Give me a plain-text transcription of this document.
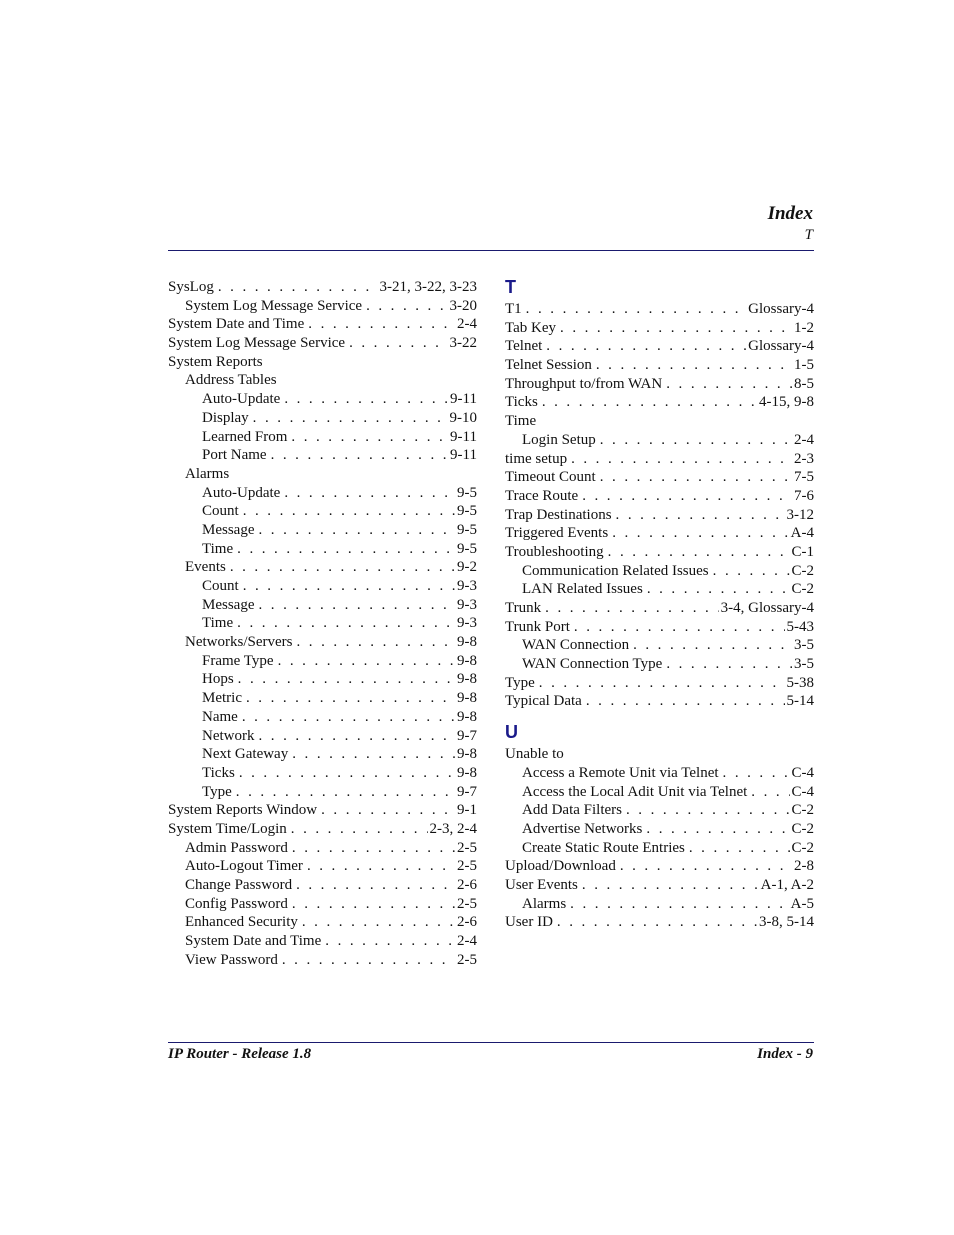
Index
T
SysLog . . .	3-21, 3-22, 3-23
System Log Message Service . . .	3-20
System Date and Time . . .	2-4
System Log Message Service . . .	3-22
System Reports
Address Tables
Auto-Update . . .	9-11
Display . . .	9-10
Learned From . . .	9-11
Port Name . . .	9-11
Alarms
Auto-Update . . .	9-5
Count . . .	9-5
Message . . .	9-5
Time . . .	9-5
Events . . .	9-2
Count . . .	9-3
Message . . .	9-3
Time . . .	9-3
Networks/Servers . . .	9-8
Frame Type . . .	9-8
Hops . . .	9-8
Metric . . .	9-8
Name . . .	9-8
Network . . .	9-7
Next Gateway . . .	9-8
Ticks . . .	9-8
Type . . .	9-7
System Reports Window . . .	9-1
System Time/Login . . .	2-3, 2-4
Admin Password . . .	2-5
Auto-Logout Timer . . .	2-5
Change Password . . .	2-6
Config Password . . .	2-5
Enhanced Security . . .	2-6
System Date and Time . . .	2-4
View Password . . .	2-5
T
T1 . . .	Glossary-4
Tab Key . . .	1-2
Telnet . . .	Glossary-4
Telnet Session . . .	1-5
Throughput to/from WAN . . .	8-5
Ticks . . .	4-15, 9-8
Time
Login Setup . . .	2-4
time setup . . .	2-3
Timeout Count . . .	7-5
Trace Route . . .	7-6
Trap Destinations . . .	3-12
Triggered Events . . .	A-4
Troubleshooting . . .	C-1
Communication Related Issues . . .	C-2
LAN Related Issues . . .	C-2
Trunk . . .	3-4, Glossary-4
Trunk Port . . .	5-43
WAN Connection . . .	3-5
WAN Connection Type . . .	3-5
Type . . .	5-38
Typical Data . . .	5-14
U
Unable to
Access a Remote Unit via Telnet . . .	C-4
Access the Local Adit Unit via Telnet . . .	C-4
Add Data Filters . . .	C-2
Advertise Networks . . .	C-2
Create Static Route Entries . . .	C-2
Upload/Download . . .	2-8
User Events . . .	A-1, A-2
Alarms . . .	A-5
User ID . . .	3-8, 5-14
IP Router - Release 1.8	Index - 9
